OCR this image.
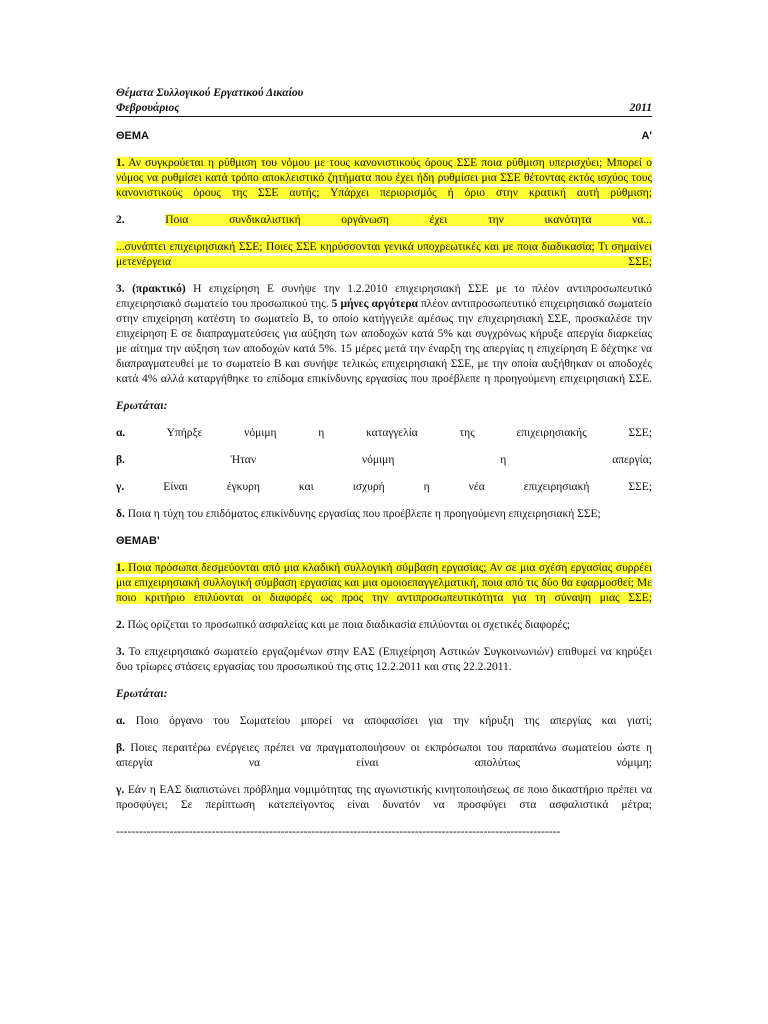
Θέματα Συλλογικού Εργατικού Δικαίου
Φεβρουάριος	2011
ΘΕΜΑ	Α'

1. Αν συγκρούεται η ρύθμιση του νόμου με τους κανονιστικούς όρους ΣΣΕ ποια ρύθμιση υπερισχύει; Μπορεί ο νόμος να ρυθμίσει κατά τρόπο αποκλειστικό ζητήματα που έχει ήδη ρυθμίσει μια ΣΣΕ θέτοντας εκτός ισχύος τους κανονιστικούς όρους της ΣΣΕ αυτής; Υπάρχει περιορισμός ή όριο στην κρατική αυτή ρύθμιση;

2.	Ποια συνδικαλιστική οργάνωση έχει την ικανότητα να...

...συνάπτει επιχειρησιακή ΣΣΕ; Ποιες ΣΣΕ κηρύσσονται γενικά υποχρεωτικές και με ποια διαδικασία; Τι σημαίνει μετενέργεια ΣΣΕ;

3. (πρακτικό) Η επιχείρηση Ε συνήψε την 1.2.2010 επιχειρησιακή ΣΣΕ με το πλέον αντιπροσωπευτικό επιχειρησιακό σωματείο του προσωπικού της. 5 μήνες αργότερα πλέον αντιπροσωπευτικό επιχειρησιακό σωματείο στην επιχείρηση κατέστη το σωματείο Β, το οποίο κατήγγειλε αμέσως την επιχειρησιακή ΣΣΕ, προσκαλέσε την επιχείρηση Ε σε διαπραγματεύσεις για αύξηση των αποδοχών κατά 5% και συγχρόνως κήρυξε απεργία διαρκείας με αίτημα την αύξηση των αποδοχών κατά 5%. 15 μέρες μετά την έναρξη της απεργίας η επιχείρηση Ε δέχτηκε να διαπραγματευθεί με το σωματείο Β και συνήψε τελικώς επιχειρησιακή ΣΣΕ, με την οποία αυξήθηκαν οι αποδοχές κατά 4% αλλά καταργήθηκε το επίδομα επικίνδυνης εργασίας που προέβλεπε η προηγούμενη επιχειρησιακή ΣΣΕ.

Ερωτάται:

α.	Υπήρξε νόμιμη η καταγγελία της επιχειρησιακής ΣΣΕ;

β.	Ήταν νόμιμη η απεργία;

γ.	Είναι έγκυρη και ισχυρή η νέα επιχειρησιακή ΣΣΕ;

δ. Ποια η τύχη του επιδόματος επικίνδυνης εργασίας που προέβλεπε η προηγούμενη επιχειρησιακή ΣΣΕ;

ΘΕΜΑΒ'

1. Ποια πρόσωπα δεσμεύονται από μια κλαδική συλλογική σύμβαση εργασίας; Αν σε μια σχέση εργασίας συρρέει μια επιχειρησιακή συλλογική σύμβαση εργασίας και μια ομοιοεπαγγελματική, ποια από τις δύο θα εφαρμοσθεί; Με ποιο κριτήριο επιλύονται οι διαφορές ως προς την αντιπροσωπευτικότητα για τη σύναψη μιας ΣΣΕ;

2. Πώς ορίζεται το προσωπικό ασφαλείας και με ποια διαδικασία επιλύονται οι σχετικές διαφορές;

3. Το επιχειρησιακό σωματείο εργαζομένων στην ΕΑΣ (Επιχείρηση Αστικών Συγκοινωνιών) επιθυμεί να κηρύξει δυο τρίωρες στάσεις εργασίας του προσωπικού της στις 12.2.2011 και στις 22.2.2011.

Ερωτάται:

α. Ποιο όργανο του Σωματείου μπορεί να αποφασίσει για την κήρυξη της απεργίας και γιατί;

β. Ποιες περαιτέρω ενέργειες πρέπει να πραγματοποιήσουν οι εκπρόσωποι του παραπάνω σωματείου ώστε η απεργία να είναι απολύτως νόμιμη;

γ. Εάν η ΕΑΣ διαπιστώνει πρόβλημα νομιμότητας της αγωνιστικής κινητοποιήσεως σε ποιο δικαστήριο πρέπει να προσφύγει; Σε περίπτωση κατεπείγοντος είναι δυνατόν να προσφύγει στα ασφαλιστικά μέτρα;

--------------------------------------------------------------------------------------------------------------------
